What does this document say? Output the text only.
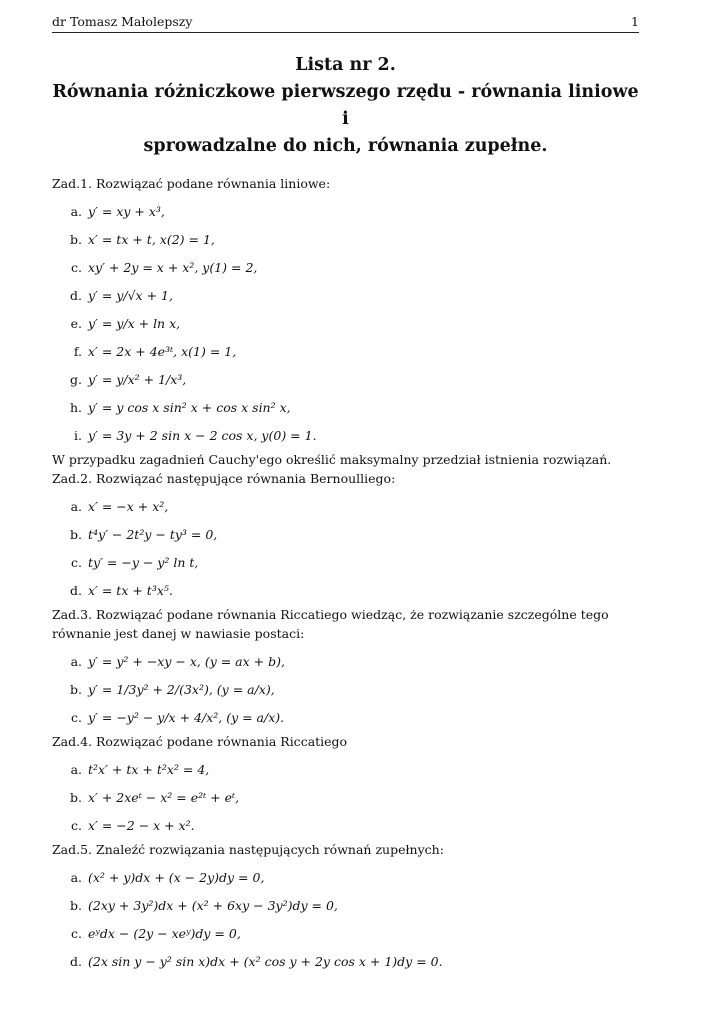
dr Tomasz Małolepszy	1
Lista nr 2.
Równania różniczkowe pierwszego rzędu - równania liniowe i
sprowadzalne do nich, równania zupełne.

Zad.1. Rozwiązać podane równania liniowe:

a. y′ = xy + x³,
b. x′ = tx + t, x(2) = 1,
c. xy′ + 2y = x + x², y(1) = 2,
d. y′ = y/√x + 1,
e. y′ = y/x + ln x,
f. x′ = 2x + 4e³ᵗ, x(1) = 1,
g. y′ = y/x² + 1/x³,
h. y′ = y cos x sin² x + cos x sin² x,
i. y′ = 3y + 2 sin x − 2 cos x, y(0) = 1.

W przypadku zagadnień Cauchy'ego określić maksymalny przedział istnienia rozwiązań.

Zad.2. Rozwiązać następujące równania Bernoulliego:

a. x′ = −x + x²,
b. t⁴y′ − 2t²y − ty³ = 0,
c. ty′ = −y − y² ln t,
d. x′ = tx + t³x⁵.

Zad.3. Rozwiązać podane równania Riccatiego wiedząc, że rozwiązanie szczególne tego równanie jest danej w nawiasie postaci:

a. y′ = y² + −xy − x, (y = ax + b),
b. y′ = 1/3y² + 2/(3x²), (y = a/x),
c. y′ = −y² − y/x + 4/x², (y = a/x).

Zad.4. Rozwiązać podane równania Riccatiego

a. t²x′ + tx + t²x² = 4,
b. x′ + 2xeᵗ − x² = e²ᵗ + eᵗ,
c. x′ = −2 − x + x².

Zad.5. Znaleźć rozwiązania następujących równań zupełnych:

a. (x² + y)dx + (x − 2y)dy = 0,
b. (2xy + 3y²)dx + (x² + 6xy − 3y²)dy = 0,
c. eʸdx − (2y − xeʸ)dy = 0,
d. (2x sin y − y² sin x)dx + (x² cos y + 2y cos x + 1)dy = 0.
